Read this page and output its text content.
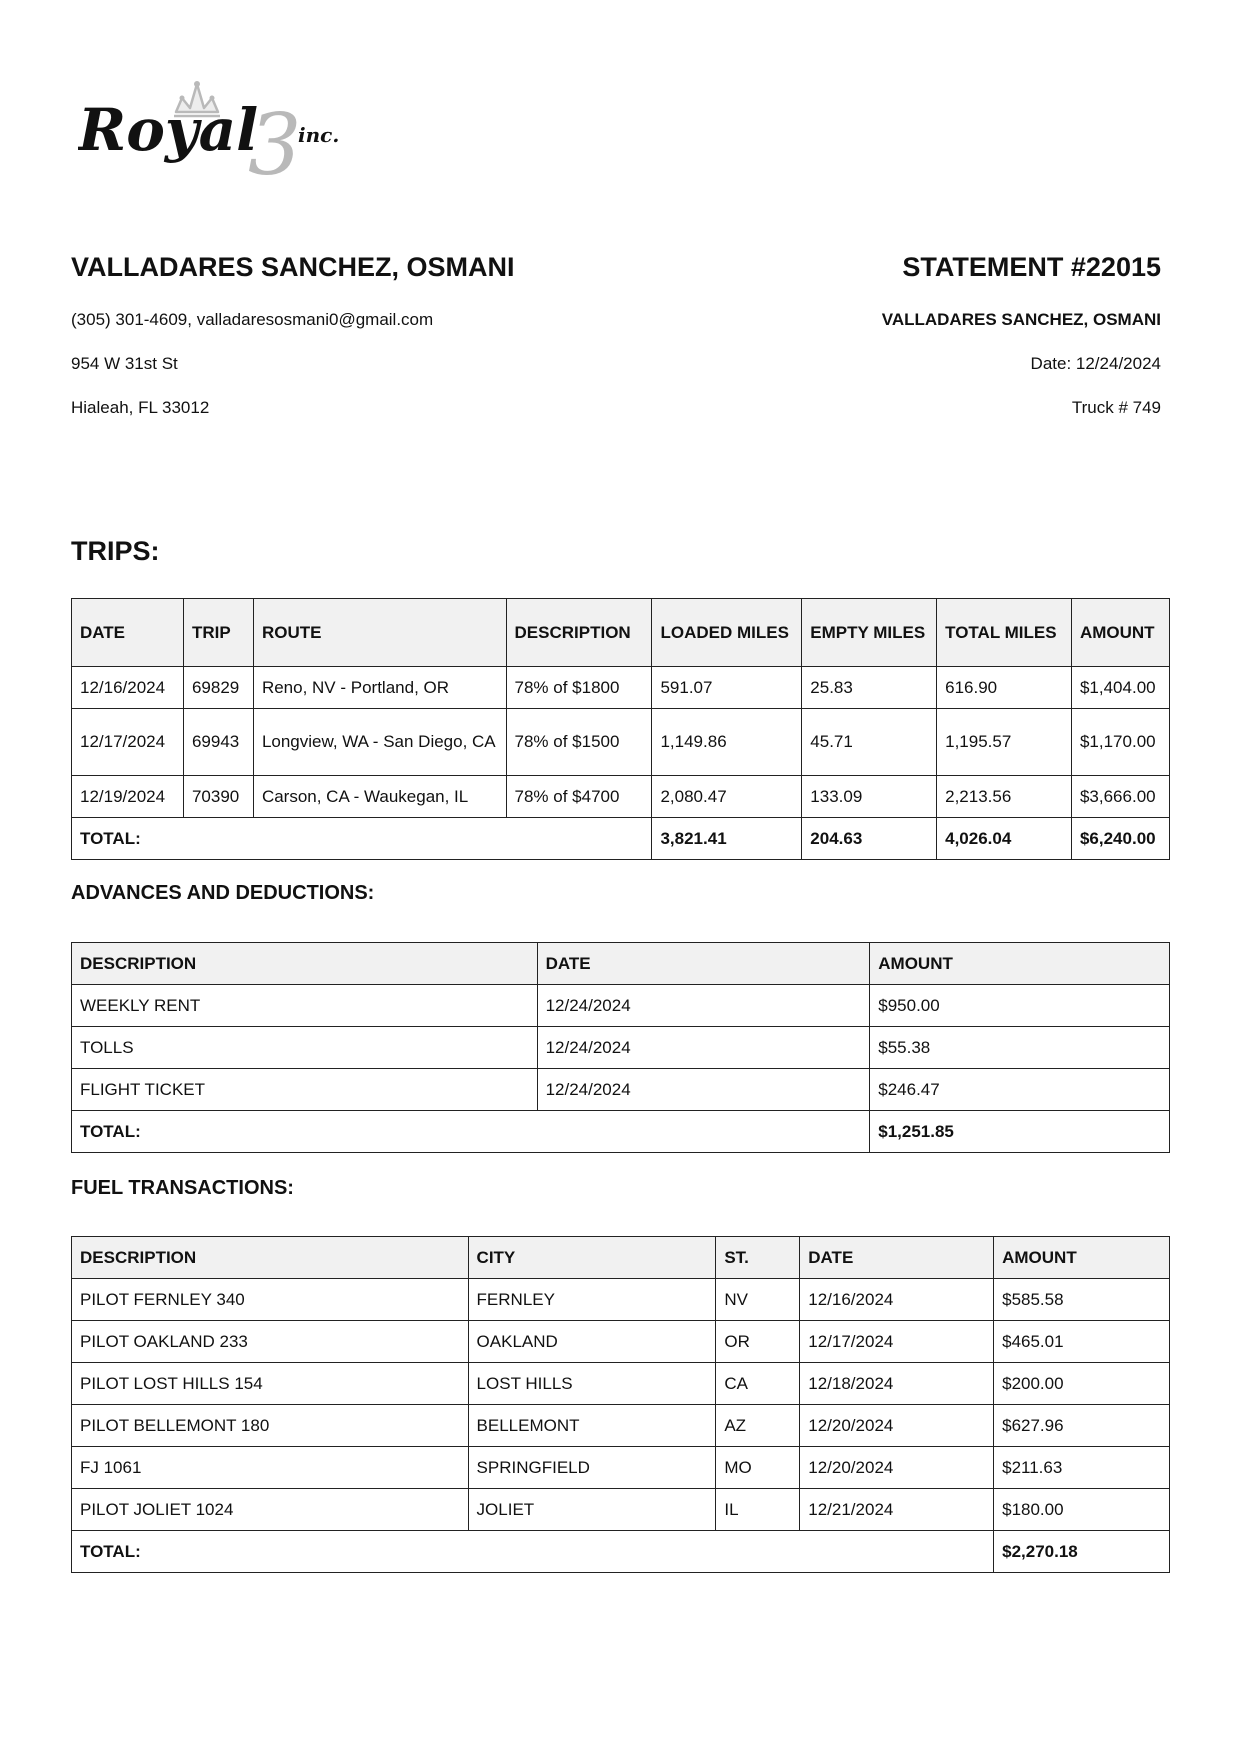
3
Royal inc.
VALLADARES SANCHEZ, OSMANI
(305) 301-4609, valladaresosmani0@gmail.com
954 W 31st St
Hialeah, FL 33012
STATEMENT #22015
VALLADARES SANCHEZ, OSMANI
Date: 12/24/2024
Truck # 749
TRIPS:
DATE	TRIP	ROUTE	DESCRIPTION	LOADED MILES	EMPTY MILES	TOTAL MILES	AMOUNT
12/16/2024	69829	Reno, NV - Portland, OR	78% of $1800	591.07	25.83	616.90	$1,404.00
12/17/2024	69943	Longview, WA - San Diego, CA	78% of $1500	1,149.86	45.71	1,195.57	$1,170.00
12/19/2024	70390	Carson, CA - Waukegan, IL	78% of $4700	2,080.47	133.09	2,213.56	$3,666.00
TOTAL:				3,821.41	204.63	4,026.04	$6,240.00
ADVANCES AND DEDUCTIONS:
DESCRIPTION	DATE	AMOUNT
WEEKLY RENT	12/24/2024	$950.00
TOLLS	12/24/2024	$55.38
FLIGHT TICKET	12/24/2024	$246.47
TOTAL:		$1,251.85
FUEL TRANSACTIONS:
DESCRIPTION	CITY	ST.	DATE	AMOUNT
PILOT FERNLEY 340	FERNLEY	NV	12/16/2024	$585.58
PILOT OAKLAND 233	OAKLAND	OR	12/17/2024	$465.01
PILOT LOST HILLS 154	LOST HILLS	CA	12/18/2024	$200.00
PILOT BELLEMONT 180	BELLEMONT	AZ	12/20/2024	$627.96
FJ 1061	SPRINGFIELD	MO	12/20/2024	$211.63
PILOT JOLIET 1024	JOLIET	IL	12/21/2024	$180.00
TOTAL:				$2,270.18
